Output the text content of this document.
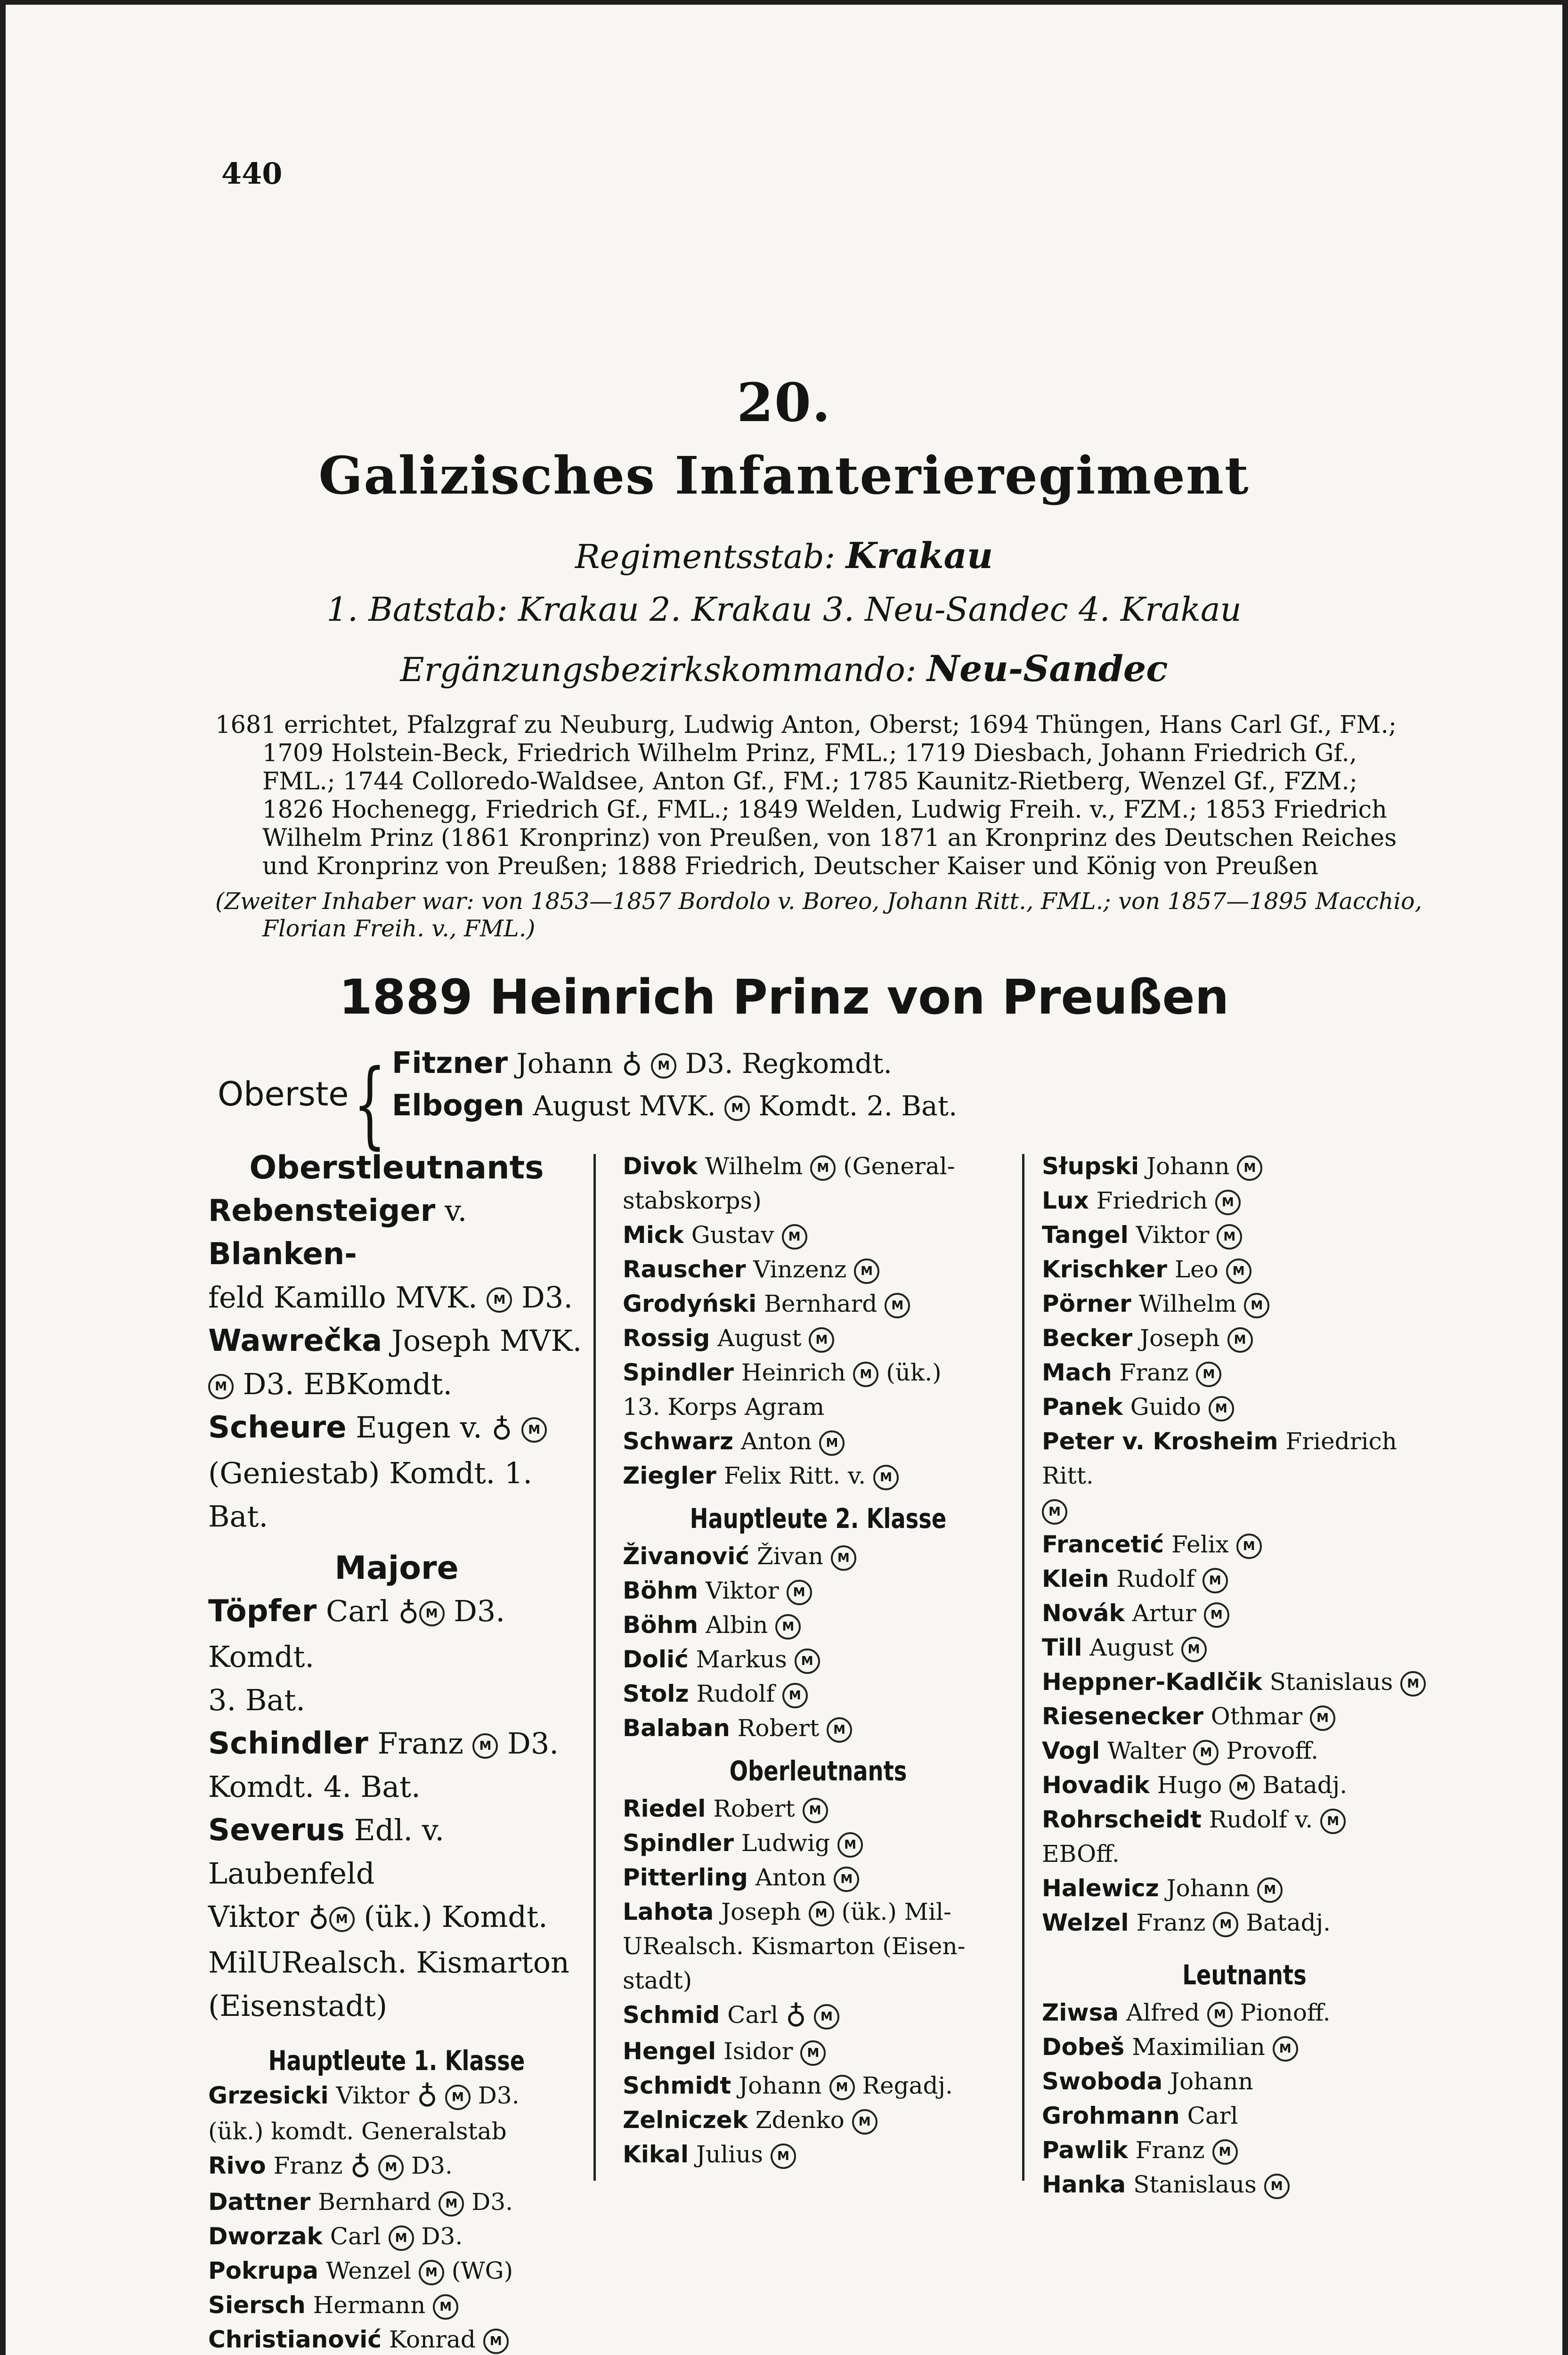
440
20.
Galizisches Infanterieregiment
Regimentsstab: Krakau
1. Batstab: Krakau 2. Krakau 3. Neu-Sandec 4. Krakau
Ergänzungsbezirkskommando: Neu-Sandec
1681 errichtet, Pfalzgraf zu Neuburg, Ludwig Anton, Oberst; 1694 Thüngen, Hans Carl Gf., FM.;
1709 Holstein-Beck, Friedrich Wilhelm Prinz, FML.; 1719 Diesbach, Johann Friedrich Gf.,
FML.; 1744 Colloredo-Waldsee, Anton Gf., FM.; 1785 Kaunitz-Rietberg, Wenzel Gf., FZM.;
1826 Hochenegg, Friedrich Gf., FML.; 1849 Welden, Ludwig Freih. v., FZM.; 1853 Friedrich
Wilhelm Prinz (1861 Kronprinz) von Preußen, von 1871 an Kronprinz des Deutschen Reiches
und Kronprinz von Preußen; 1888 Friedrich, Deutscher Kaiser und König von Preußen
(Zweiter Inhaber war: von 1853—1857 Bordolo v. Boreo, Johann Ritt., FML.; von 1857—1895 Macchio,
Florian Freih. v., FML.)
1889 Heinrich Prinz von Preußen
Oberste { Fitzner Johann ♁ M D3. Regkomdt.
Elbogen August MVK. M Komdt. 2. Bat.
Oberstleutnants
Rebensteiger v. Blanken-
feld Kamillo MVK. M D3.
Wawrečka Joseph MVK.
M D3. EBKomdt.
Scheure Eugen v. ♁ M
(Geniestab) Komdt. 1. Bat.
Majore
Töpfer Carl ♁ M D3. Komdt.
3. Bat.
Schindler Franz M D3.
Komdt. 4. Bat.
Severus Edl. v. Laubenfeld
Viktor ♁ M (ük.) Komdt.
MilURealsch. Kismarton
(Eisenstadt)
Hauptleute 1. Klasse
Grzesicki Viktor ♁ M D3.
(ük.) komdt. Generalstab
Rivo Franz ♁ M D3.
Dattner Bernhard M D3.
Dworzak Carl M D3.
Pokrupa Wenzel M (WG)
Siersch Hermann M
Christianović Konrad M
Divok Wilhelm M (General-
stabskorps)
Mick Gustav M
Rauscher Vinzenz M
Grodyński Bernhard M
Rossig August M
Spindler Heinrich M (ük.)
13. Korps Agram
Schwarz Anton M
Ziegler Felix Ritt. v. M
Hauptleute 2. Klasse
Živanović Živan M
Böhm Viktor M
Böhm Albin M
Dolić Markus M
Stolz Rudolf M
Balaban Robert M
Oberleutnants
Riedel Robert M
Spindler Ludwig M
Pitterling Anton M
Lahota Joseph M (ük.) Mil-
URealsch. Kismarton (Eisen-
stadt)
Schmid Carl ♁ M
Hengel Isidor M
Schmidt Johann M Regadj.
Zelniczek Zdenko M
Kikal Julius M
Słupski Johann M
Lux Friedrich M
Tangel Viktor M
Krischker Leo M
Pörner Wilhelm M
Becker Joseph M
Mach Franz M
Panek Guido M
Peter v. Krosheim Friedrich Ritt.
M
Francetić Felix M
Klein Rudolf M
Novák Artur M
Till August M
Heppner-Kadlčik Stanislaus M
Riesenecker Othmar M
Vogl Walter M Provoff.
Hovadik Hugo M Batadj.
Rohrscheidt Rudolf v. M
EBOff.
Halewicz Johann M
Welzel Franz M Batadj.
Leutnants
Ziwsa Alfred M Pionoff.
Dobeš Maximilian M
Swoboda Johann
Grohmann Carl
Pawlik Franz M
Hanka Stanislaus M
